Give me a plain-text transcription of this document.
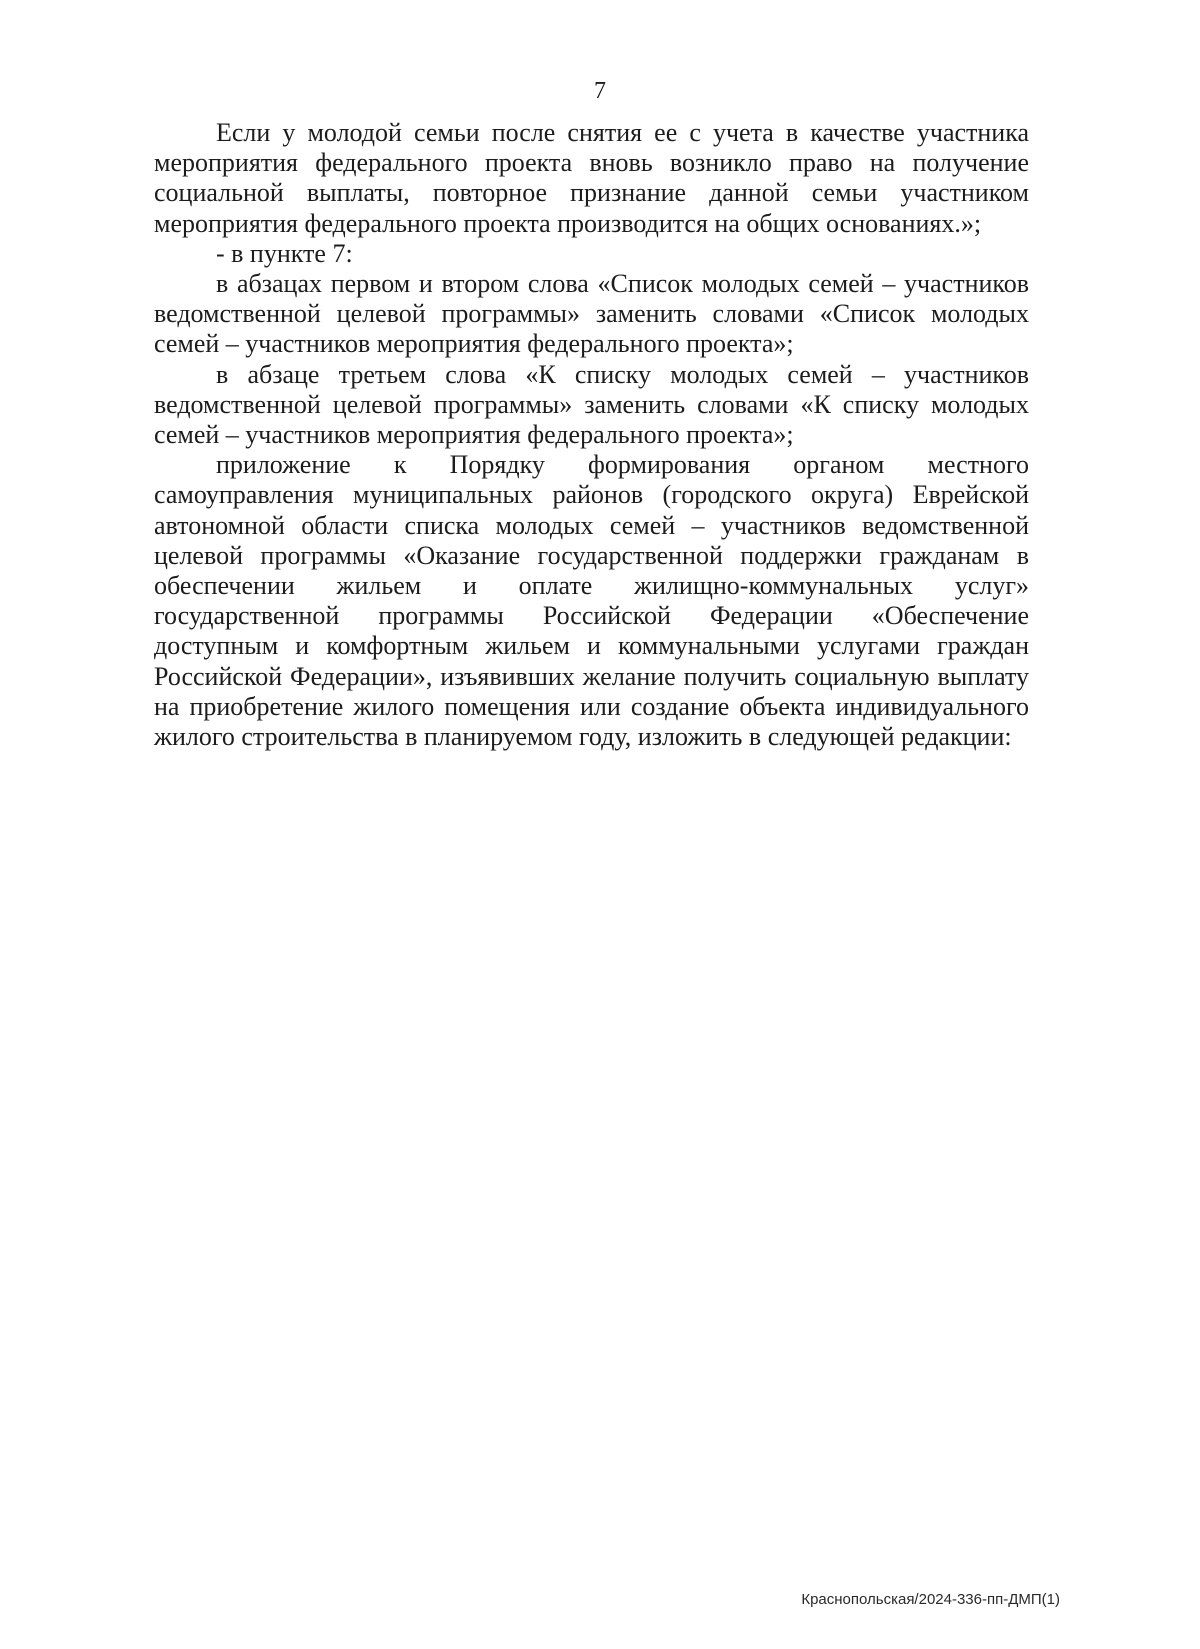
7

Если у молодой семьи после снятия ее с учета в качестве участника мероприятия федерального проекта вновь возникло право на получение социальной выплаты, повторное признание данной семьи участником мероприятия федерального проекта производится на общих основаниях.»;

- в пункте 7:

в абзацах первом и втором слова «Список молодых семей – участников ведомственной целевой программы» заменить словами «Список молодых семей – участников мероприятия федерального проекта»;

в абзаце третьем слова «К списку молодых семей – участников ведомственной целевой программы» заменить словами «К списку молодых семей – участников мероприятия федерального проекта»;

приложение к Порядку формирования органом местного самоуправления муниципальных районов (городского округа) Еврейской автономной области списка молодых семей – участников ведомственной целевой программы «Оказание государственной поддержки гражданам в обеспечении жильем и оплате жилищно-коммунальных услуг» государственной программы Российской Федерации «Обеспечение доступным и комфортным жильем и коммунальными услугами граждан Российской Федерации», изъявивших желание получить социальную выплату на приобретение жилого помещения или создание объекта индивидуального жилого строительства в планируемом году, изложить в следующей редакции:

Краснопольская/2024-336-пп-ДМП(1)
